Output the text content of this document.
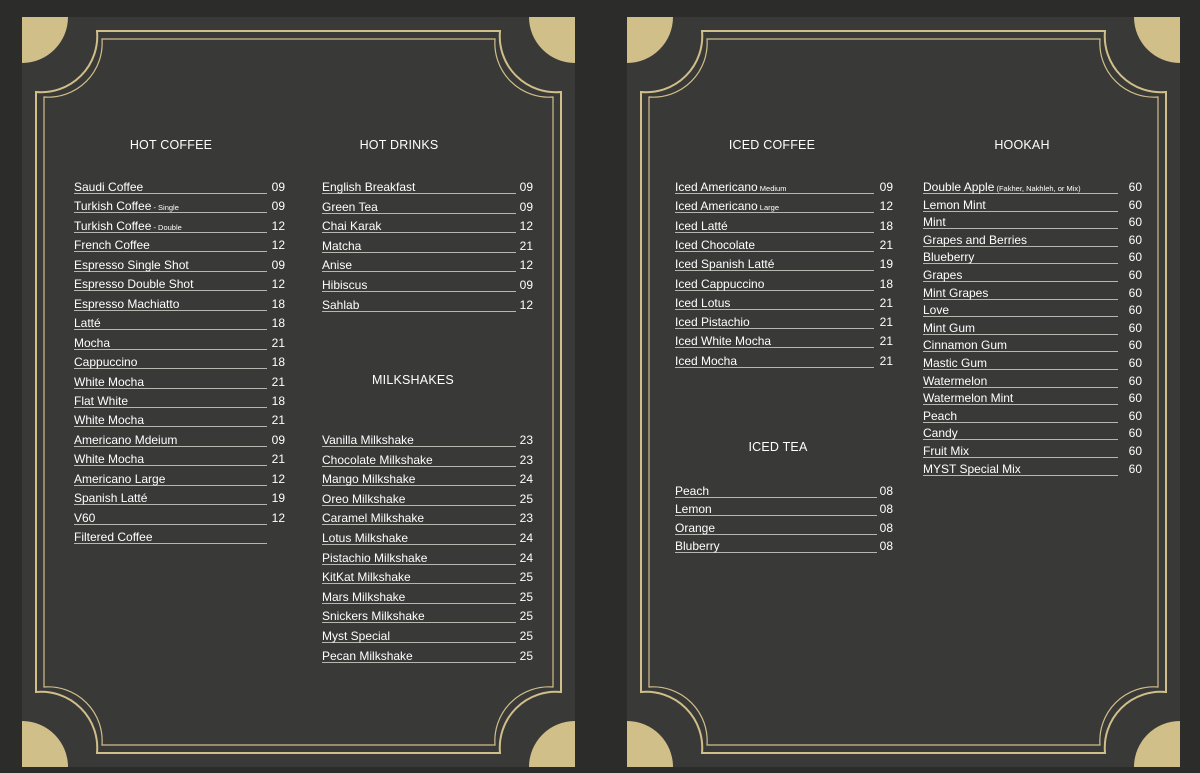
HOT COFFEE	HOT DRINKS
MILKSHAKES
Saudi Coffee	09
Turkish Coffee - Single	09
Turkish Coffee - Double	12
French Coffee	12
Espresso Single Shot	09
Espresso Double Shot	12
Espresso Machiatto	18
Latté	18
Mocha	21
Cappuccino	18
White Mocha	21
Flat White	18
White Mocha	21
Americano Mdeium	09
White Mocha	21
Americano Large	12
Spanish Latté	19
V60	12
Filtered Coffee
English Breakfast	09
Green Tea	09
Chai Karak	12
Matcha	21
Anise	12
Hibiscus	09
Sahlab	12
Vanilla Milkshake	23
Chocolate Milkshake	23
Mango Milkshake	24
Oreo Milkshake	25
Caramel Milkshake	23
Lotus Milkshake	24
Pistachio Milkshake	24
KitKat Milkshake	25
Mars Milkshake	25
Snickers Milkshake	25
Myst Special	25
Pecan Milkshake	25
ICED COFFEE	HOOKAH
ICED TEA
Iced Americano Medium	09
Iced Americano Large	12
Iced Latté	18
Iced Chocolate	21
Iced Spanish Latté	19
Iced Cappuccino	18
Iced Lotus	21
Iced Pistachio	21
Iced White Mocha	21
Iced Mocha	21
Peach	08
Lemon	08
Orange	08
Bluberry	08
Double Apple (Fakher, Nakhleh, or Mix)	60
Lemon Mint	60
Mint	60
Grapes and Berries	60
Blueberry	60
Grapes	60
Mint Grapes	60
Love	60
Mint Gum	60
Cinnamon Gum	60
Mastic Gum	60
Watermelon	60
Watermelon Mint	60
Peach	60
Candy	60
Fruit Mix	60
MYST Special Mix	60
